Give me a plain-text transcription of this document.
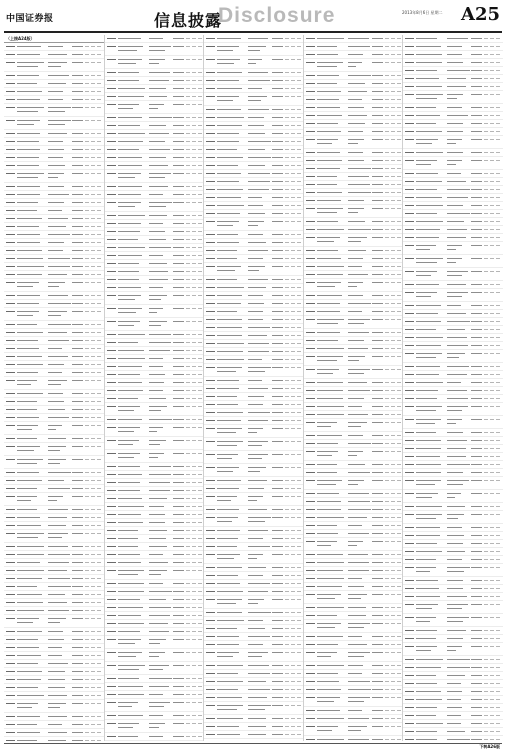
中国证券报	信息披露
Disclosure	2013年8月6日 星期二 A25
（上接A24版）
下转A26版
